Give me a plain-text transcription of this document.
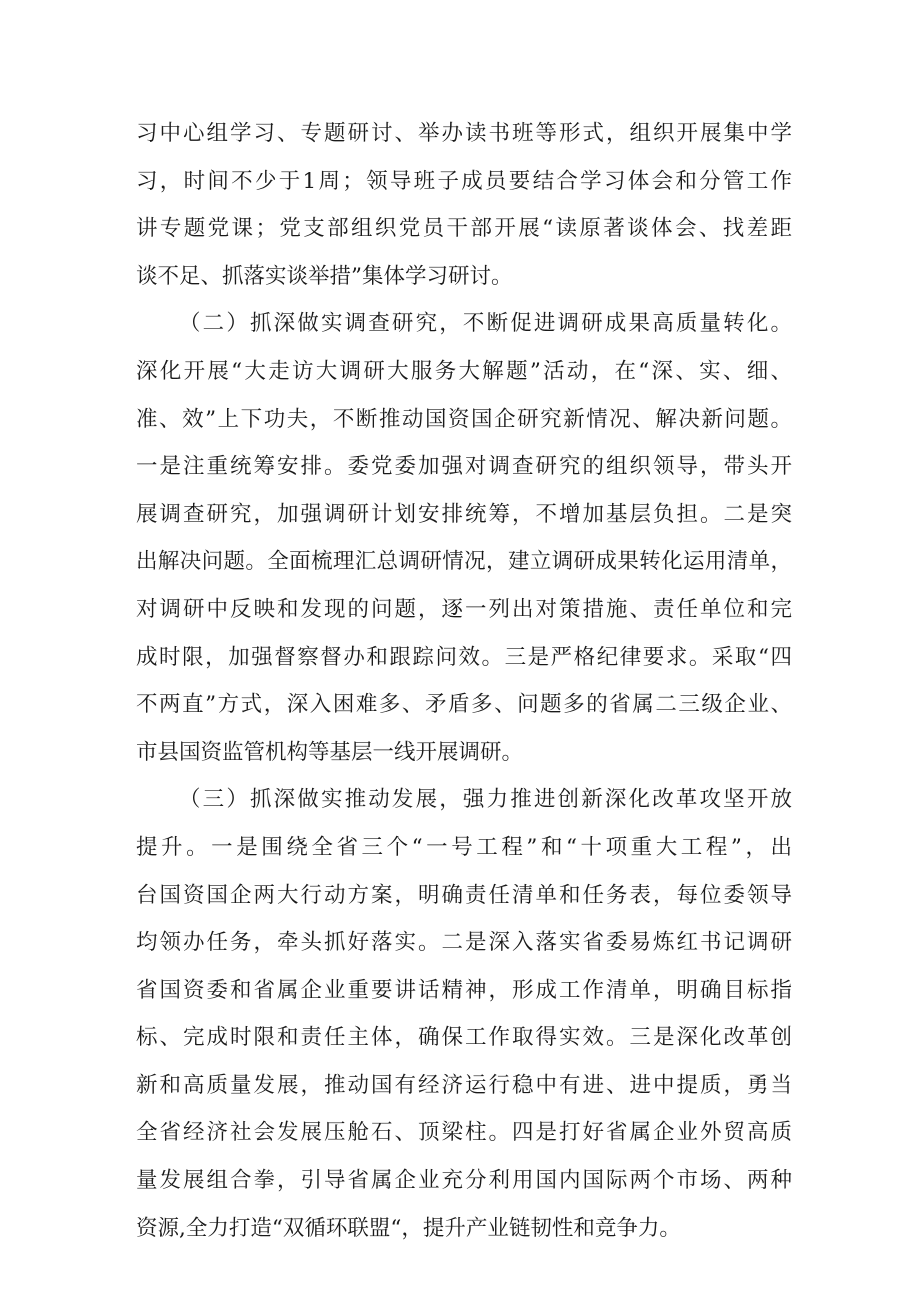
习中心组学习、专题研讨、举办读书班等形式，组织开展集中学
习，时间不少于1周；领导班子成员要结合学习体会和分管工作
讲专题党课；党支部组织党员干部开展“读原著谈体会、找差距
谈不足、抓落实谈举措”集体学习研讨。
（二）抓深做实调查研究，不断促进调研成果高质量转化。
深化开展“大走访大调研大服务大解题”活动，在“深、实、细、
准、效”上下功夫，不断推动国资国企研究新情况、解决新问题。
一是注重统筹安排。委党委加强对调查研究的组织领导，带头开
展调查研究，加强调研计划安排统筹，不增加基层负担。二是突
出解决问题。全面梳理汇总调研情况，建立调研成果转化运用清单，
对调研中反映和发现的问题，逐一列出对策措施、责任单位和完
成时限，加强督察督办和跟踪问效。三是严格纪律要求。采取“四
不两直”方式，深入困难多、矛盾多、问题多的省属二三级企业、
市县国资监管机构等基层一线开展调研。
（三）抓深做实推动发展，强力推进创新深化改革攻坚开放
提升。一是围绕全省三个“一号工程”和“十项重大工程”，出
台国资国企两大行动方案，明确责任清单和任务表，每位委领导
均领办任务，牵头抓好落实。二是深入落实省委易炼红书记调研
省国资委和省属企业重要讲话精神，形成工作清单，明确目标指
标、完成时限和责任主体，确保工作取得实效。三是深化改革创
新和高质量发展，推动国有经济运行稳中有进、进中提质，勇当
全省经济社会发展压舱石、顶梁柱。四是打好省属企业外贸高质
量发展组合拳，引导省属企业充分利用国内国际两个市场、两种
资源,全力打造“双循环联盟“，提升产业链韧性和竞争力。
